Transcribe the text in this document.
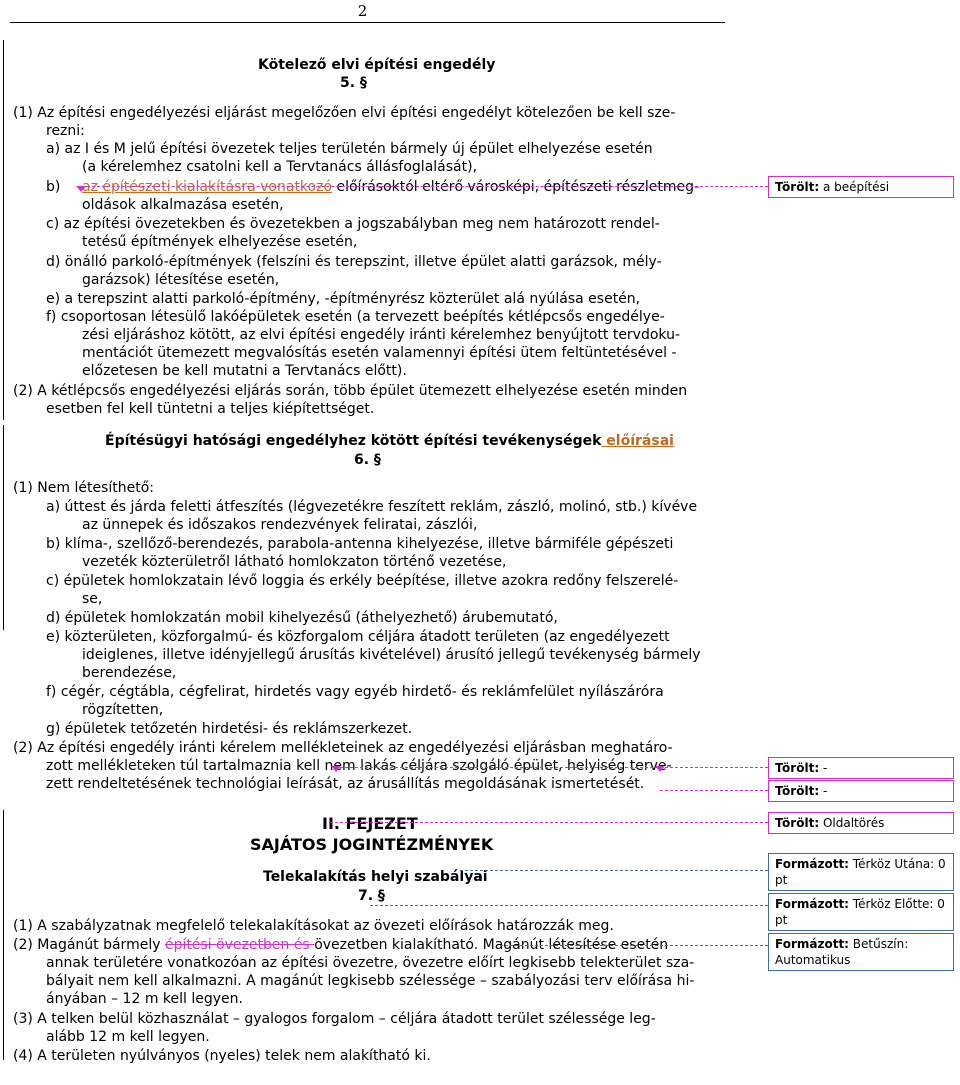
2
Kötelező elvi építési engedély
5. §
(1) Az építési engedélyezési eljárást megelőzően elvi építési engedélyt kötelezően be kell sze-
rezni:
a) az I és M jelű építési övezetek teljes területén bármely új épület elhelyezése esetén
(a kérelemhez csatolni kell a Tervtanács állásfoglalását),
b) az építészeti kialakításra vonatkozó előírásoktól eltérő városképi, építészeti részletmeg-
oldások alkalmazása esetén,
c) az építési övezetekben és övezetekben a jogszabályban meg nem határozott rendel-
tetésű építmények elhelyezése esetén,
d) önálló parkoló-építmények (felszíni és terepszint, illetve épület alatti garázsok, mély-
garázsok) létesítése esetén,
e) a terepszint alatti parkoló-építmény, -építményrész közterület alá nyúlása esetén,
f) csoportosan létesülő lakóépületek esetén (a tervezett beépítés kétlépcsős engedélye-
zési eljáráshoz kötött, az elvi építési engedély iránti kérelemhez benyújtott tervdoku-
mentációt ütemezett megvalósítás esetén valamennyi építési ütem feltüntetésével -
előzetesen be kell mutatni a Tervtanács előtt).
(2) A kétlépcsős engedélyezési eljárás során, több épület ütemezett elhelyezése esetén minden
esetben fel kell tüntetni a teljes kiépítettséget.
Építésügyi hatósági engedélyhez kötött építési tevékenységek előírásai
6. §
(1) Nem létesíthető:
a) úttest és járda feletti átfeszítés (légvezetékre feszített reklám, zászló, molinó, stb.) kívéve
az ünnepek és időszakos rendezvények feliratai, zászlói,
b) klíma-, szellőző-berendezés, parabola-antenna kihelyezése, illetve bármiféle gépészeti
vezeték közterületről látható homlokzaton történő vezetése,
c) épületek homlokzatain lévő loggia és erkély beépítése, illetve azokra redőny felszerelé-
se,
d) épületek homlokzatán mobil kihelyezésű (áthelyezhető) árubemutató,
e) közterületen, közforgalmú- és közforgalom céljára átadott területen (az engedélyezett
ideiglenes, illetve idényjellegű árusítás kivételével) árusító jellegű tevékenység bármely
berendezése,
f) cégér, cégtábla, cégfelirat, hirdetés vagy egyéb hirdető- és reklámfelület nyílászáróra
rögzítetten,
g) épületek tetőzetén hirdetési- és reklámszerkezet.
(2) Az építési engedély iránti kérelem mellékleteinek az engedélyezési eljárásban meghatáro-
zott mellékleteken túl tartalmaznia kell nem lakás céljára szolgáló épület, helyiség terve-
zett rendeltetésének technológiai leírását, az árusállítás megoldásának ismertetését.
II. FEJEZET
SAJÁTOS JOGINTÉZMÉNYEK
Telekalakítás helyi szabályai
7. §
(1) A szabályzatnak megfelelő telekalakításokat az övezeti előírások határozzák meg.
(2) Magánút bármely építési övezetben és övezetben kialakítható. Magánút létesítése esetén
annak területére vonatkozóan az építési övezetre, övezetre előírt legkisebb telekterület sza-
bályait nem kell alkalmazni. A magánút legkisebb szélessége – szabályozási terv előírása hi-
ányában – 12 m kell legyen.
(3) A telken belül közhasználat – gyalogos forgalom – céljára átadott terület szélessége leg-
alább 12 m kell legyen.
(4) A területen nyúlványos (nyeles) telek nem alakítható ki.
Törölt: a beépítési
Törölt: -
Törölt: -
Törölt: Oldaltörés
Formázott: Térköz Utána: 0 pt
Formázott: Térköz Előtte: 0 pt
Formázott: Betűszín: Automatikus
